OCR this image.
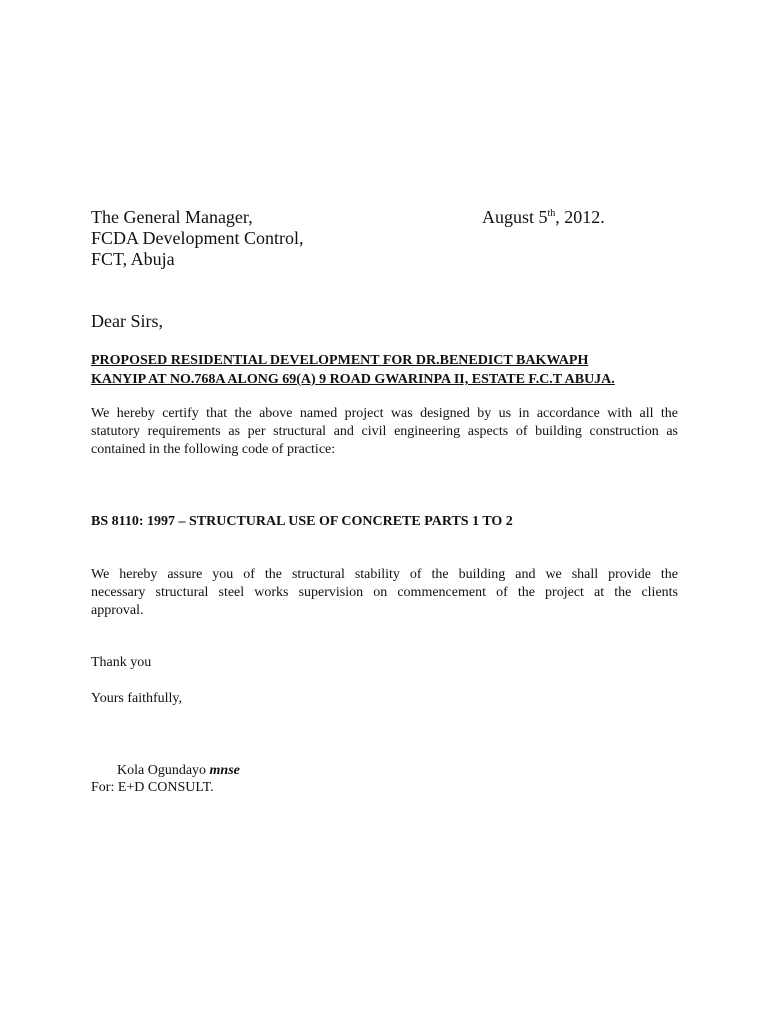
The General Manager,
FCDA Development Control,
FCT, Abuja
August 5th, 2012.
Dear Sirs,
PROPOSED RESIDENTIAL DEVELOPMENT FOR DR.BENEDICT BAKWAPH
KANYIP AT NO.768A ALONG 69(A) 9 ROAD GWARINPA II, ESTATE F.C.T ABUJA.
We hereby certify that the above named project was designed by us in accordance with all the
statutory requirements as per structural and civil engineering aspects of building construction as
contained in the following code of practice:
BS 8110: 1997 – STRUCTURAL USE OF CONCRETE PARTS 1 TO 2
We hereby assure you of the structural stability of the building and we shall provide the
necessary structural steel works supervision on commencement of the project at the clients
approval.
Thank you
Yours faithfully,
Kola Ogundayo mnse
For: E+D CONSULT.
